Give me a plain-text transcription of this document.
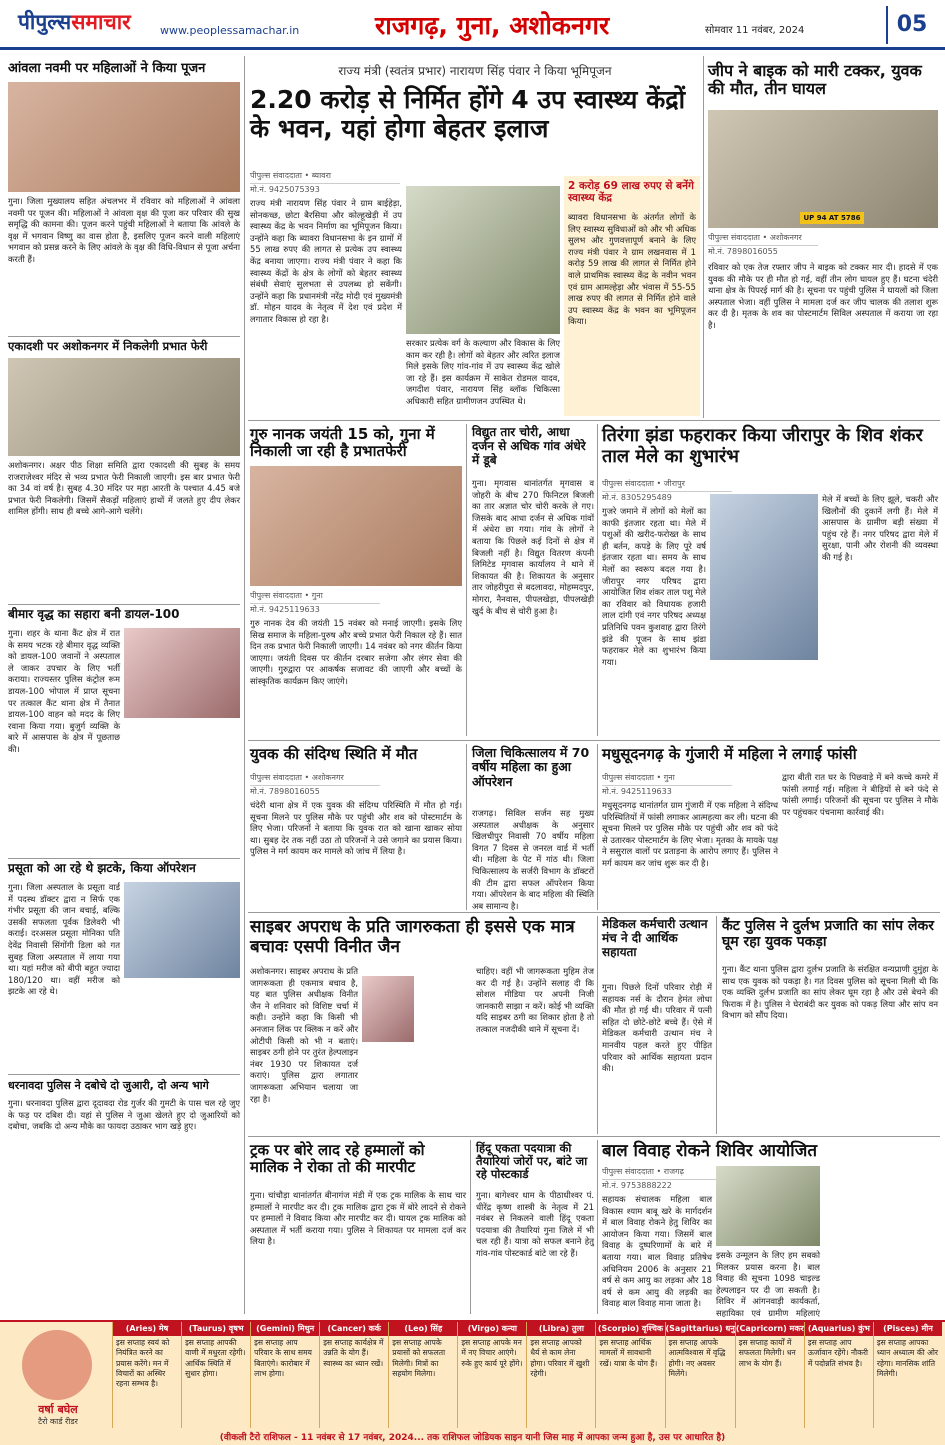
पीपुल्ससमाचार	www.peoplessamachar.in	राजगढ़, गुना, अशोकनगर	सोमवार 11 नवंबर, 2024	05
आंवला नवमी पर महिलाओं ने किया पूजन
गुना। जिला मुख्यालय सहित अंचलभर में रविवार को महिलाओं ने आंवला नवमी पर पूजन की। महिलाओं ने आंवला वृक्ष की पूजा कर परिवार की सुख समृद्धि की कामना की। पूजन करने पहुंची महिलाओं ने बताया कि आंवले के वृक्ष में भगवान विष्णु का वास होता है, इसलिए पूजन करने वाली महिलाएं भगवान को प्रसन्न करने के लिए आंवले के वृक्ष की विधि-विधान से पूजा अर्चना करती हैं।
एकादशी पर अशोकनगर में निकलेगी प्रभात फेरी
अशोकनगर। अक्षर पीठ शिक्षा समिति द्वारा एकादशी की सुबह के समय राजराजेश्वर मंदिर से भव्य प्रभात फेरी निकाली जाएगी। इस बार प्रभात फेरी का 34 वां वर्ष है। सुबह 4.30 मंदिर पर महा आरती के पश्चात 4.45 बजे प्रभात फेरी निकलेगी। जिसमें सैकड़ों महिलाएं हाथों में जलते हुए दीप लेकर शामिल होंगी। साथ ही बच्चे आगे-आगे चलेंगे।
बीमार वृद्ध का सहारा बनी डायल-100
गुना। शहर के थाना कैंट क्षेत्र में रात के समय भटक रहे बीमार वृद्ध व्यक्ति को डायल-100 जवानों ने अस्पताल ले जाकर उपचार के लिए भर्ती कराया। राज्यस्तर पुलिस कंट्रोल रूम डायल-100 भोपाल में प्राप्त सूचना पर तत्काल कैंट थाना क्षेत्र में तैनात डायल-100 वाहन को मदद के लिए रवाना किया गया। बुजुर्ग व्यक्ति के बारे में आसपास के क्षेत्र में पूछताछ की।
प्रसूता को आ रहे थे झटके, किया ऑपरेशन
गुना। जिला अस्पताल के प्रसूता वार्ड में पदस्थ डॉक्टर द्वारा न सिर्फ एक गंभीर प्रसूता की जान बचाई, बल्कि उसकी सफलता पूर्वक डिलेवरी भी कराई। दरअसल प्रसूता मोनिका पति देवेंद्र निवासी सिंगोंगी डिला को गत सुबह जिला अस्पताल में लाया गया था। यहां मरीज को बीपी बहुत ज्यादा 180/120 था। वहीं मरीज को झटके आ रहे थे।
धरनावदा पुलिस ने दबोचे दो जुआरी, दो अन्य भागे
गुना। धरनावदा पुलिस द्वारा दूदावदा रोड गुर्जर की गुमटी के पास चल रहे जुए के फड़ पर दबिश दी। यहां से पुलिस ने जुआ खेलते हुए दो जुआरियों को दबोचा, जबकि दो अन्य मौके का फायदा उठाकर भाग खड़े हुए।
राज्य मंत्री (स्वतंत्र प्रभार) नारायण सिंह पंवार ने किया भूमिपूजन
2.20 करोड़ से निर्मित होंगे 4 उप स्वास्थ्य केंद्रों के भवन, यहां होगा बेहतर इलाज
पीपुल्स संवाददाता • ब्यावरा
मो.नं. 9425075393
राज्य मंत्री नारायण सिंह पंवार ने ग्राम बाईहेड़ा, सोनकच्छ, छोटा बैरसिया और कोल्हूखेड़ी में उप स्वास्थ्य केंद्र के भवन निर्माण का भूमिपूजन किया। उन्होंने कहा कि ब्यावरा विधानसभा के इन ग्रामों में 55 लाख रुपए की लागत से प्रत्येक उप स्वास्थ्य केंद्र बनाया जाएगा। राज्य मंत्री पंवार ने कहा कि स्वास्थ्य केंद्रों के क्षेत्र के लोगों को बेहतर स्वास्थ्य संबंधी सेवाएं सुलभता से उपलब्ध हो सकेंगी। उन्होंने कहा कि प्रधानमंत्री नरेंद्र मोदी एवं मुख्यमंत्री डॉ. मोहन यादव के नेतृत्व में देश एवं प्रदेश में लगातार विकास हो रहा है।
सरकार प्रत्येक वर्ग के कल्याण और विकास के लिए काम कर रही है। लोगों को बेहतर और त्वरित इलाज मिले इसके लिए गांव-गांव में उप स्वास्थ्य केंद्र खोले जा रहे हैं। इस कार्यक्रम में साकेत रोडमल यादव, जगदीश पंवार, नारायण सिंह ब्लॉक चिकित्सा अधिकारी सहित ग्रामीणजन उपस्थित थे।
2 करोड़ 69 लाख रुपए से बनेंगे स्वास्थ्य केंद्र
ब्यावरा विधानसभा के अंतर्गत लोगों के लिए स्वास्थ्य सुविधाओं को और भी अधिक सुलभ और गुणवत्तापूर्ण बनाने के लिए राज्य मंत्री पंवार ने ग्राम लखनवास में 1 करोड़ 59 लाख की लागत से निर्मित होने वाले प्राथमिक स्वास्थ्य केंद्र के नवीन भवन एवं ग्राम आमल्हेड़ा और भंवास में 55-55 लाख रुपए की लागत से निर्मित होने वाले उप स्वास्थ्य केंद्र के भवन का भूमिपूजन किया।
जीप ने बाइक को मारी टक्कर, युवक की मौत, तीन घायल
UP 94 AT 5786
पीपुल्स संवाददाता • अशोकनगर
मो.नं. 7898016055
रविवार को एक तेज रफ्तार जीप ने बाइक को टक्कर मार दी। हादसे में एक युवक की मौके पर ही मौत हो गई, वहीं तीन लोग घायल हुए हैं। घटना चंदेरी थाना क्षेत्र के पिपरई मार्ग की है। सूचना पर पहुंची पुलिस ने घायलों को जिला अस्पताल भेजा। वहीं पुलिस ने मामला दर्ज कर जीप चालक की तलाश शुरू कर दी है। मृतक के शव का पोस्टमार्टम सिविल अस्पताल में कराया जा रहा है।
गुरु नानक जयंती 15 को, गुना में निकाली जा रही है प्रभातफेरी
पीपुल्स संवाददाता • गुना
मो.नं. 9425119633
गुरु नानक देव की जयंती 15 नवंबर को मनाई जाएगी। इसके लिए सिख समाज के महिला-पुरुष और बच्चे प्रभात फेरी निकाल रहे हैं। सात दिन तक प्रभात फेरी निकाली जाएगी। 14 नवंबर को नगर कीर्तन किया जाएगा। जयंती दिवस पर कीर्तन दरबार सजेगा और लंगर सेवा की जाएगी। गुरुद्वारा पर आकर्षक सजावट की जाएगी और बच्चों के सांस्कृतिक कार्यक्रम किए जाएंगे।
विद्युत तार चोरी, आधा दर्जन से अधिक गांव अंधेरे में डूबे
गुना। मृगवास थानांतर्गत मृगवास व जोहरी के बीच 270 फिनिटल बिजली का तार अज्ञात चोर चोरी करके ले गए। जिसके बाद आधा दर्जन से अधिक गांवों में अंधेरा छा गया। गांव के लोगों ने बताया कि पिछले कई दिनों से क्षेत्र में बिजली नहीं है। विद्युत वितरण कंपनी लिमिटेड मृगवास कार्यालय ने थाने में शिकायत की है। शिकायत के अनुसार तार जोहरीपुरा से बदलावदा, मोहम्मदपुर, मोगरा, नैनवास, पीपलखेड़ा, पीपलखेड़ी खुर्द के बीच से चोरी हुआ है।
तिरंगा झंडा फहराकर किया जीरापुर के शिव शंकर ताल मेले का शुभारंभ
पीपुल्स संवाददाता • जीरापुर
मो.नं. 8305295489
गुजरे जमाने में लोगों को मेलों का काफी इंतजार रहता था। मेले में पशुओं की खरीद-फरोख्त के साथ ही बर्तन, कपड़े के लिए पूरे वर्ष इंतजार रहता था। समय के साथ मेलों का स्वरूप बदल गया है। जीरापुर नगर परिषद द्वारा आयोजित शिव शंकर ताल पशु मेले का रविवार को विधायक हजारी लाल दांगी एवं नगर परिषद अध्यक्ष प्रतिनिधि पवन कुशवाह द्वारा तिरंगे झंडे की पूजन के साथ झंडा फहराकर मेले का शुभारंभ किया गया।
मेले में बच्चों के लिए झूले, चकरी और खिलौनों की दुकानें लगी हैं। मेले में आसपास के ग्रामीण बड़ी संख्या में पहुंच रहे हैं। नगर परिषद द्वारा मेले में सुरक्षा, पानी और रोशनी की व्यवस्था की गई है।
युवक की संदिग्ध स्थिति में मौत
पीपुल्स संवाददाता • अशोकनगर
मो.नं. 7898016055
चंदेरी थाना क्षेत्र में एक युवक की संदिग्ध परिस्थिति में मौत हो गई। सूचना मिलने पर पुलिस मौके पर पहुंची और शव को पोस्टमार्टम के लिए भेजा। परिजनों ने बताया कि युवक रात को खाना खाकर सोया था। सुबह देर तक नहीं उठा तो परिजनों ने उसे जगाने का प्रयास किया। पुलिस ने मर्ग कायम कर मामले को जांच में लिया है।
जिला चिकित्सालय में 70 वर्षीय महिला का हुआ ऑपरेशन
राजगढ़। सिविल सर्जन सह मुख्य अस्पताल अधीक्षक के अनुसार खिलचीपुर निवासी 70 वर्षीय महिला विगत 7 दिवस से जनरल वार्ड में भर्ती थी। महिला के पेट में गांठ थी। जिला चिकित्सालय के सर्जरी विभाग के डॉक्टरों की टीम द्वारा सफल ऑपरेशन किया गया। ऑपरेशन के बाद महिला की स्थिति अब सामान्य है।
मधुसूदनगढ़ के गुंजारी में महिला ने लगाई फांसी
पीपुल्स संवाददाता • गुना
मो.नं. 9425119633
मधुसूदनगढ़ थानांतर्गत ग्राम गुंजारी में एक महिला ने संदिग्ध परिस्थितियों में फांसी लगाकर आत्महत्या कर ली। घटना की सूचना मिलने पर पुलिस मौके पर पहुंची और शव को फंदे से उतारकर पोस्टमार्टम के लिए भेजा। मृतका के मायके पक्ष ने ससुराल वालों पर प्रताड़ना के आरोप लगाए हैं। पुलिस ने मर्ग कायम कर जांच शुरू कर दी है।
द्वारा बीती रात घर के पिछवाड़े में बने कच्चे कमरे में फांसी लगाई गई। महिला ने बीड़ियों से बने फंदे से फांसी लगाई। परिजनों की सूचना पर पुलिस ने मौके पर पहुंचकर पंचनामा कार्रवाई की।
साइबर अपराध के प्रति जागरुकता ही इससे एक मात्र बचावः एसपी विनीत जैन
अशोकनगर। साइबर अपराध के प्रति जागरूकता ही एकमात्र बचाव है, यह बात पुलिस अधीक्षक विनीत जैन ने शनिवार को विशिष्ट चर्चा में कही। उन्होंने कहा कि किसी भी अनजान लिंक पर क्लिक न करें और ओटीपी किसी को भी न बताएं। साइबर ठगी होने पर तुरंत हेल्पलाइन नंबर 1930 पर शिकायत दर्ज कराएं। पुलिस द्वारा लगातार जागरूकता अभियान चलाया जा रहा है।
चाहिए। वहीं भी जागरूकता मुहिम तेज कर दी गई है। उन्होंने सलाह दी कि सोशल मीडिया पर अपनी निजी जानकारी साझा न करें। कोई भी व्यक्ति यदि साइबर ठगी का शिकार होता है तो तत्काल नजदीकी थाने में सूचना दें।
मेडिकल कर्मचारी उत्थान मंच ने दी आर्थिक सहायता
गुना। पिछले दिनों परिवार रोड़ी में सहायक नर्स के दौरान हेमंत लोधा की मौत हो गई थी। परिवार में पत्नी सहित दो छोटे-छोटे बच्चे हैं। ऐसे में मेडिकल कर्मचारी उत्थान मंच ने मानवीय पहल करते हुए पीड़ित परिवार को आर्थिक सहायता प्रदान की।
कैंट पुलिस ने दुर्लभ प्रजाति का सांप लेकर घूम रहा युवक पकड़ा
गुना। कैंट थाना पुलिस द्वारा दुर्लभ प्रजाति के संरक्षित वन्यप्राणी दुमुंहा के साथ एक युवक को पकड़ा है। गत दिवस पुलिस को सूचना मिली थी कि एक व्यक्ति दुर्लभ प्रजाति का सांप लेकर घूम रहा है और उसे बेचने की फिराक में है। पुलिस ने घेराबंदी कर युवक को पकड़ लिया और सांप वन विभाग को सौंप दिया।
ट्रक पर बोरे लाद रहे हम्मालों को मालिक ने रोका तो की मारपीट
गुना। चांचौड़ा थानांतर्गत बीनागंज मंडी में एक ट्रक मालिक के साथ चार हम्मालों ने मारपीट कर दी। ट्रक मालिक द्वारा ट्रक में बोरे लादने से रोकने पर हम्मालों ने विवाद किया और मारपीट कर दी। घायल ट्रक मालिक को अस्पताल में भर्ती कराया गया। पुलिस ने शिकायत पर मामला दर्ज कर लिया है।
हिंदू एकता पदयात्रा की तैयारियां जोरों पर, बांटे जा रहे पोस्टकार्ड
गुना। बागेश्वर धाम के पीठाधीश्वर पं. धीरेंद्र कृष्ण शास्त्री के नेतृत्व में 21 नवंबर से निकलने वाली हिंदू एकता पदयात्रा की तैयारियां गुना जिले में भी चल रही हैं। यात्रा को सफल बनाने हेतु गांव-गांव पोस्टकार्ड बांटे जा रहे हैं।
बाल विवाह रोकने शिविर आयोजित
पीपुल्स संवाददाता • राजगढ़
मो.नं. 9753888222
सहायक संचालक महिला बाल विकास श्याम बाबू खरे के मार्गदर्शन में बाल विवाह रोकने हेतु शिविर का आयोजन किया गया। जिसमें बाल विवाह के दुष्परिणामों के बारे में बताया गया। बाल विवाह प्रतिषेध अधिनियम 2006 के अनुसार 21 वर्ष से कम आयु का लड़का और 18 वर्ष से कम आयु की लड़की का विवाह बाल विवाह माना जाता है।
इसके उन्मूलन के लिए हम सबको मिलकर प्रयास करना है। बाल विवाह की सूचना 1098 चाइल्ड हेल्पलाइन पर दी जा सकती है। शिविर में आंगनवाड़ी कार्यकर्ता, सहायिका एवं ग्रामीण महिलाएं
वर्षा बघेल
टैरो कार्ड रीडर
(Aries) मेष
इस सप्ताह स्वयं को नियंत्रित करने का प्रयास करेंगे। मन में विचारों का अस्थिर रहना सम्भव है।
(Taurus) वृषभ
इस सप्ताह आपकी वाणी में मधुरता रहेगी। आर्थिक स्थिति में सुधार होगा।
(Gemini) मिथुन
इस सप्ताह आप परिवार के साथ समय बिताएंगे। कारोबार में लाभ होगा।
(Cancer) कर्क
इस सप्ताह कार्यक्षेत्र में उन्नति के योग हैं। स्वास्थ्य का ध्यान रखें।
(Leo) सिंह
इस सप्ताह आपके प्रयासों को सफलता मिलेगी। मित्रों का सहयोग मिलेगा।
(Virgo) कन्या
इस सप्ताह आपके मन में नए विचार आएंगे। रुके हुए कार्य पूरे होंगे।
(Libra) तुला
इस सप्ताह आपको धैर्य से काम लेना होगा। परिवार में खुशी रहेगी।
(Scorpio) वृश्चिक
इस सप्ताह आर्थिक मामलों में सावधानी रखें। यात्रा के योग हैं।
(Sagittarius) धनु
इस सप्ताह आपके आत्मविश्वास में वृद्धि होगी। नए अवसर मिलेंगे।
(Capricorn) मकर
इस सप्ताह कार्यों में सफलता मिलेगी। धन लाभ के योग हैं।
(Aquarius) कुंभ
इस सप्ताह आप ऊर्जावान रहेंगे। नौकरी में पदोन्नति संभव है।
(Pisces) मीन
इस सप्ताह आपका ध्यान अध्यात्म की ओर रहेगा। मानसिक शांति मिलेगी।
(वीकली टैरो राशिफल - 11 नवंबर से 17 नवंबर, 2024... तक राशिफल जोडियक साइन यानी जिस माह में आपका जन्म हुआ है, उस पर आधारित है)
